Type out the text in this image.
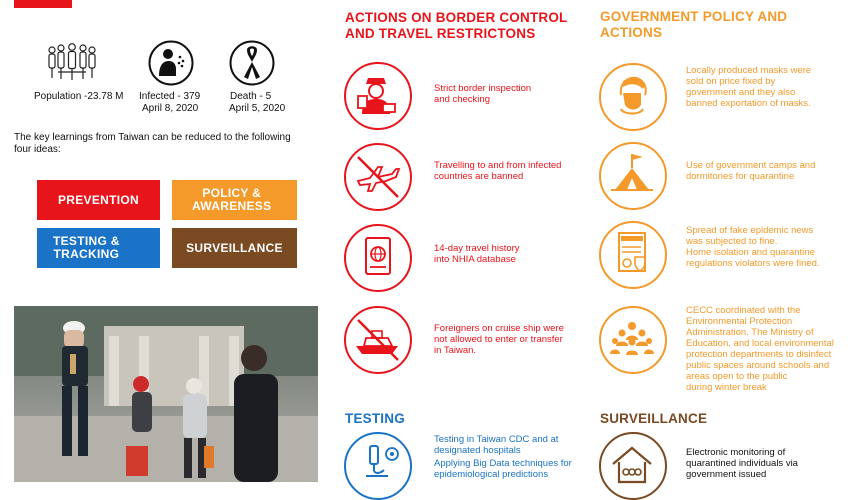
Population -23.78 M Infected - 379
April 8, 2020
Death - 5
April 5, 2020
The key learnings from Taiwan can be reduced to the following four ideas:
PREVENTION	POLICY &
AWARENESS
TESTING &
TRACKING	SURVEILLANCE
ACTIONS ON BORDER CONTROL
AND TRAVEL RESTRICTONS
Strict border inspection
and checking
Travelling to and from infected
countries are banned
14-day travel history
into NHIA database
Foreigners on cruise ship were
not allowed to enter or transfer
in Taiwan.
TESTING
Testing in Taiwan CDC and at
designated hospitals
Applying Big Data techniques for
epidemiological predictions
GOVERNMENT POLICY AND
ACTIONS
Locally produced masks were
sold on price fixed by
government and they also
banned exportation of masks.
Use of government camps and
dormitories for quarantine
Spread of fake epidemic news
was subjected to fine.
Home isolation and quarantine
regulations violators were fined.
CECC coordinated with the
Environmental Protection
Administration. The Ministry of
Education, and local environmental
protection departments to disinfect
public spaces around schools and
areas open to the public
during winter break
SURVEILLANCE
Electronic monitoring of
quarantined individuals via
government issued
